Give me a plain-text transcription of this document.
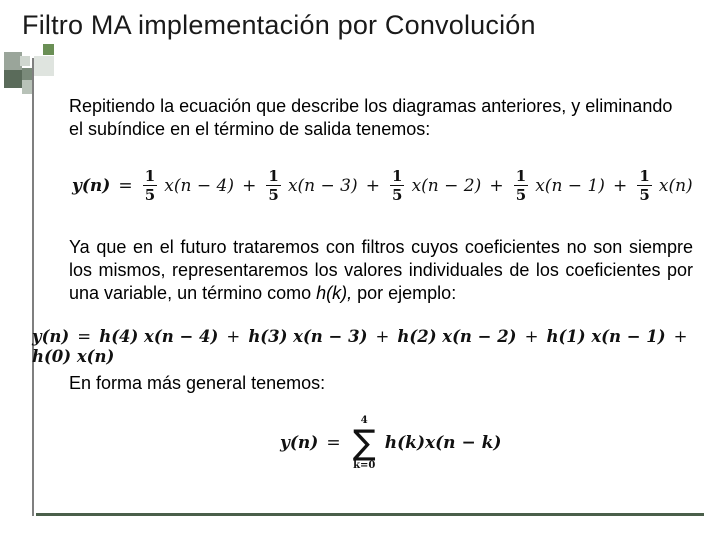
Filtro MA implementación por Convolución
Repitiendo la ecuación que describe los diagramas anteriores, y eliminando el subíndice en el término de salida tenemos:
$y(n) = \frac{1}{5} x(n - 4) + \frac{1}{5} x(n - 3) + \frac{1}{5} x(n - 2) + \frac{1}{5} x(n - 1) + \frac{1}{5} x(n)$
Ya que en el futuro trataremos con filtros cuyos coeficientes no son siempre los mismos, representaremos los valores individuales de los coeficientes por una variable, un término como h(k), por ejemplo:
y(n) = h(4) x(n − 4) + h(3) x(n − 3) + h(2) x(n − 2) + h(1) x(n − 1) + h(0) x(n)
En forma más general tenemos:
y(n) =
4
∑
k=0
h(k)x(n − k)
